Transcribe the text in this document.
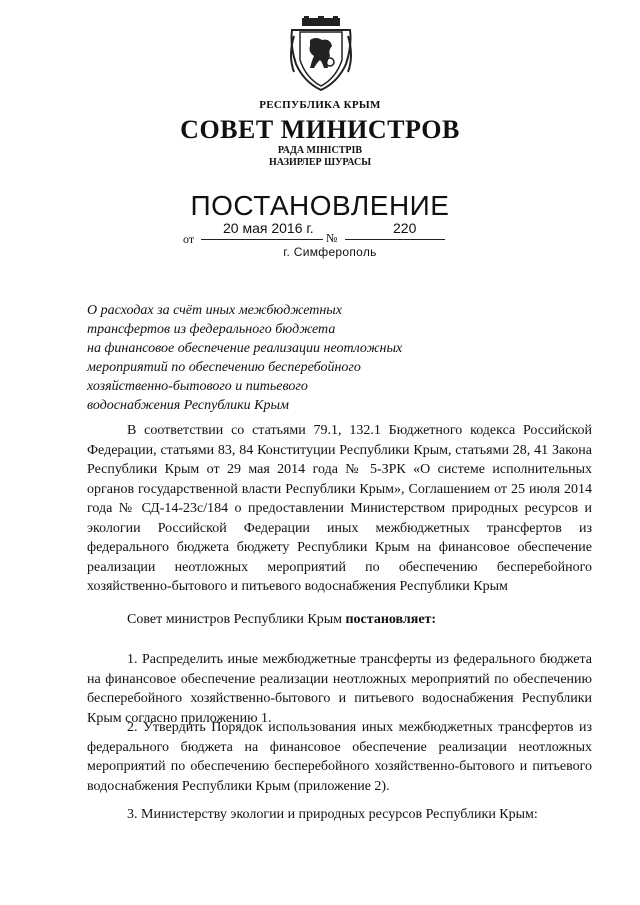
РЕСПУБЛИКА КРЫМ
СОВЕТ МИНИСТРОВ
РАДА МІНІСТРІВ
НАЗИРЛЕР ШУРАСЫ
ПОСТАНОВЛЕНИЕ
от
20 мая 2016 г.
№
220
г. Симферополь
О расходах за счёт иных межбюджетных
трансфертов из федерального бюджета
на финансовое обеспечение реализации неотложных
мероприятий по обеспечению бесперебойного
хозяйственно-бытового и питьевого
водоснабжения Республики Крым
В соответствии со статьями 79.1, 132.1 Бюджетного кодекса Российской Федерации, статьями 83, 84 Конституции Республики Крым, статьями 28, 41 Закона Республики Крым от 29 мая 2014 года № 5-ЗРК «О системе исполнительных органов государственной власти Республики Крым», Соглашением от 25 июля 2014 года № СД-14-23с/184 о предоставлении Министерством природных ресурсов и экологии Российской Федерации иных межбюджетных трансфертов из федерального бюджета бюджету Республики Крым на финансовое обеспечение реализации неотложных мероприятий по обеспечению бесперебойного хозяйственно-бытового и питьевого водоснабжения Республики Крым
Совет министров Республики Крым постановляет:
1. Распределить иные межбюджетные трансферты из федерального бюджета на финансовое обеспечение реализации неотложных мероприятий по обеспечению бесперебойного хозяйственно-бытового и питьевого водоснабжения Республики Крым согласно приложению 1.
2. Утвердить Порядок использования иных межбюджетных трансфертов из федерального бюджета на финансовое обеспечение реализации неотложных мероприятий по обеспечению бесперебойного хозяйственно-бытового и питьевого водоснабжения Республики Крым (приложение 2).
3. Министерству экологии и природных ресурсов Республики Крым:
